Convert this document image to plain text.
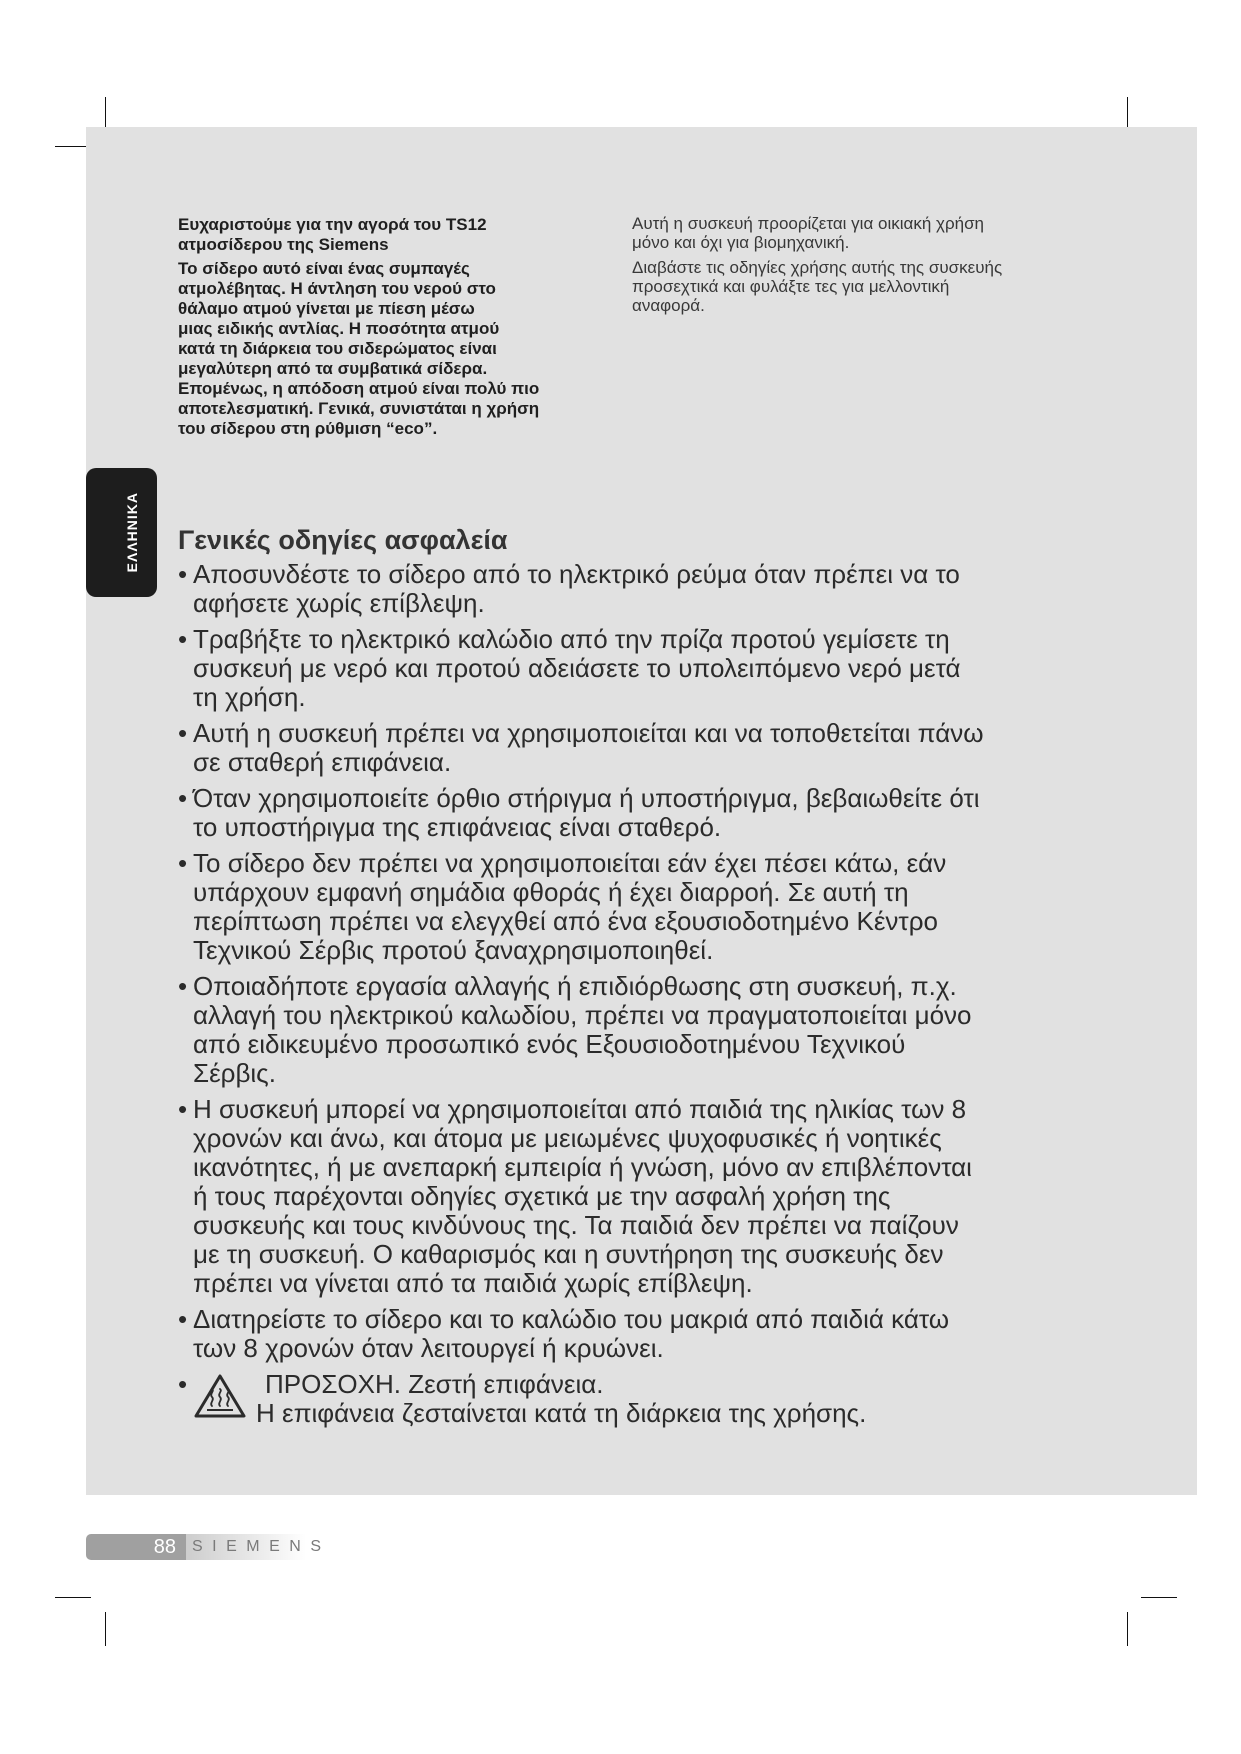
ΕΛΛΗΝΙΚΑ
Ευχαριστούμε για την αγορά του TS12
ατμοσίδερου της Siemens
Το σίδερο αυτό είναι ένας συμπαγές
ατμολέβητας. Η άντληση του νερού στο
θάλαμο ατμού γίνεται με πίεση μέσω
μιας ειδικής αντλίας. Η ποσότητα ατμού
κατά τη διάρκεια του σιδερώματος είναι
μεγαλύτερη από τα συμβατικά σίδερα.
Επομένως, η απόδοση ατμού είναι πολύ πιο
αποτελεσματική. Γενικά, συνιστάται η χρήση
του σίδερου στη ρύθμιση “eco”.
Αυτή η συσκευή προορίζεται για οικιακή χρήση
μόνο και όχι για βιομηχανική.
Διαβάστε τις οδηγίες χρήσης αυτής της συσκευής
προσεχτικά και φυλάξτε τες για μελλοντική
αναφορά.
Γενικές οδηγίες ασφαλεία
• Αποσυνδέστε το σίδερο από το ηλεκτρικό ρεύμα όταν πρέπει να το
αφήσετε χωρίς επίβλεψη.
• Τραβήξτε το ηλεκτρικό καλώδιο από την πρίζα προτού γεμίσετε τη
συσκευή με νερό και προτού αδειάσετε το υπολειπόμενο νερό μετά
τη χρήση.
• Αυτή η συσκευή πρέπει να χρησιμοποιείται και να τοποθετείται πάνω
σε σταθερή επιφάνεια.
• Όταν χρησιμοποιείτε όρθιο στήριγμα ή υποστήριγμα, βεβαιωθείτε ότι
το υποστήριγμα της επιφάνειας είναι σταθερό.
• Το σίδερο δεν πρέπει να χρησιμοποιείται εάν έχει πέσει κάτω, εάν
υπάρχουν εμφανή σημάδια φθοράς ή έχει διαρροή. Σε αυτή τη
περίπτωση πρέπει να ελεγχθεί από ένα εξουσιοδοτημένο Κέντρο
Τεχνικού Σέρβις προτού ξαναχρησιμοποιηθεί.
• Οποιαδήποτε εργασία αλλαγής ή επιδιόρθωσης στη συσκευή, π.χ.
αλλαγή του ηλεκτρικού καλωδίου, πρέπει να πραγματοποιείται μόνο
από ειδικευμένο προσωπικό ενός Εξουσιοδοτημένου Τεχνικού
Σέρβις.
• Η συσκευή μπορεί να χρησιμοποιείται από παιδιά της ηλικίας των 8
χρονών και άνω, και άτομα με μειωμένες ψυχοφυσικές ή νοητικές
ικανότητες, ή με ανεπαρκή εμπειρία ή γνώση, μόνο αν επιβλέπονται
ή τους παρέχονται οδηγίες σχετικά με την ασφαλή χρήση της
συσκευής και τους κινδύνους της. Τα παιδιά δεν πρέπει να παίζουν
με τη συσκευή. Ο καθαρισμός και η συντήρηση της συσκευής δεν
πρέπει να γίνεται από τα παιδιά χωρίς επίβλεψη.
• Διατηρείστε το σίδερο και το καλώδιο του μακριά από παιδιά κάτω
των 8 χρονών όταν λειτουργεί ή κρυώνει.
•	ΠΡΟΣΟΧΗ. Ζεστή επιφάνεια.
Η επιφάνεια ζεσταίνεται κατά τη διάρκεια της χρήσης.
88	SIEMENS
